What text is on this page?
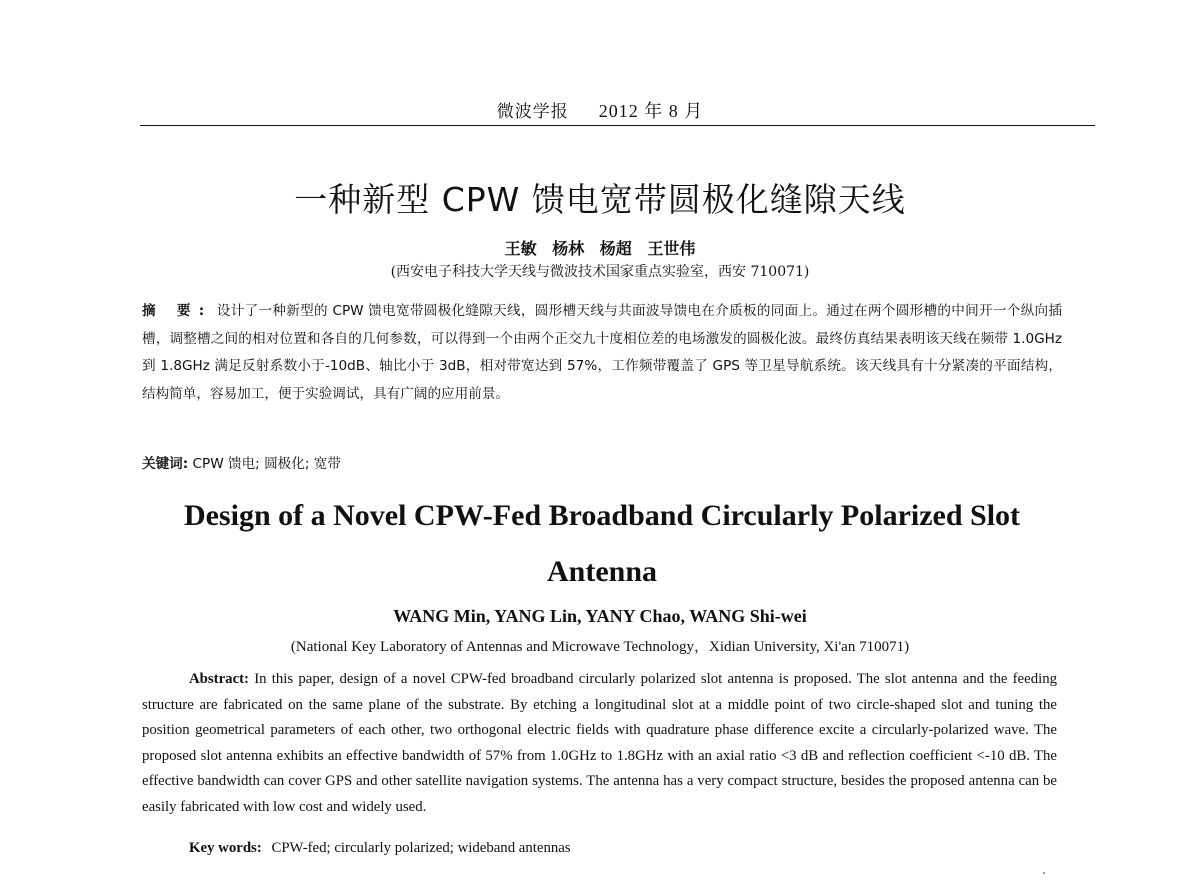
微波学报 2012 年 8 月
一种新型 CPW 馈电宽带圆极化缝隙天线
王敏 杨林 杨超 王世伟
(西安电子科技大学天线与微波技术国家重点实验室，西安 710071)
摘 要: 设计了一种新型的 CPW 馈电宽带圆极化缝隙天线，圆形槽天线与共面波导馈电在介质板的同面上。通过在两个圆形槽的中间开一个纵向插槽，调整槽之间的相对位置和各自的几何参数，可以得到一个由两个正交九十度相位差的电场激发的圆极化波。最终仿真结果表明该天线在频带 1.0GHz 到 1.8GHz 满足反射系数小于-10dB、轴比小于 3dB，相对带宽达到 57%，工作频带覆盖了 GPS 等卫星导航系统。该天线具有十分紧凑的平面结构，结构简单，容易加工，便于实验调试，具有广阔的应用前景。
关键词: CPW 馈电; 圆极化; 宽带
Design of a Novel CPW-Fed Broadband Circularly Polarized Slot Antenna
WANG Min, YANG Lin, YANY Chao, WANG Shi-wei
(National Key Laboratory of Antennas and Microwave Technology，Xidian University, Xi'an 710071)
Abstract: In this paper, design of a novel CPW-fed broadband circularly polarized slot antenna is proposed. The slot antenna and the feeding structure are fabricated on the same plane of the substrate. By etching a longitudinal slot at a middle point of two circle-shaped slot and tuning the position geometrical parameters of each other, two orthogonal electric fields with quadrature phase difference excite a circularly-polarized wave. The proposed slot antenna exhibits an effective bandwidth of 57% from 1.0GHz to 1.8GHz with an axial ratio <3 dB and reflection coefficient <-10 dB. The effective bandwidth can cover GPS and other satellite navigation systems. The antenna has a very compact structure, besides the proposed antenna can be easily fabricated with low cost and widely used.
Key words: CPW-fed; circularly polarized; wideband antennas
